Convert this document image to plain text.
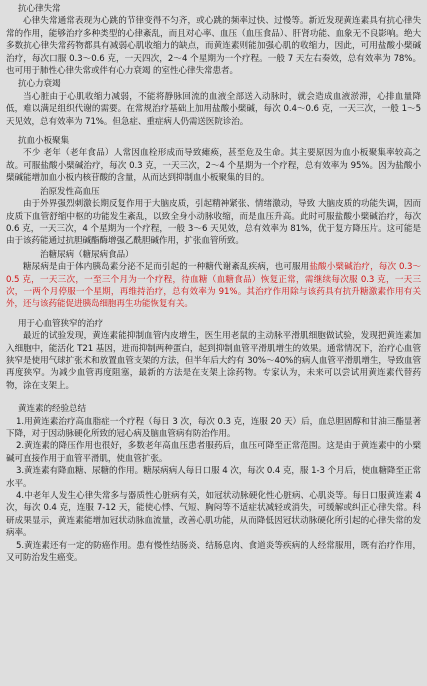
抗心律失常

心律失常通常表现为心跳的节律变得不匀齐，或心跳的频率过快、过慢等。新近发现黄连素具有抗心律失常的作用，能够治疗多种类型的心律紊乱，而且对心率、血压（血压食品）、肝肾功能、血象无不良影响。绝大多数抗心律失常药物都具有减弱心肌收缩力的缺点，而黄连素则能加强心肌的收缩力，因此，可用盐酸小檗碱治疗，每次口服 0.3～0.6 克，一天四次，2～4 个星期为一个疗程。一般 7 天左右奏效，总有效率为 78%。也可用于肺性心律失常或伴有心力衰竭 的室性心律失常患者。

抗心力衰竭

当心脏由于心肌收缩力减弱，不能将静脉回流的血液全部送入动脉时，就会造成血液淤滞，心排血量降低，难以满足组织代谢的需要。在常规治疗基础上加用盐酸小檗碱，每次 0.4～0.6 克，一天三次，一般 1～5 天见效，总有效率为 71%。但急症、重症病人仍需送医院诊治。

抗血小板聚集

不少 老年（老年食品）人常因血栓形成而导致瘫痪，甚至危及生命。其主要原因为血小板聚集率较高之故。可服盐酸小檗碱治疗，每次 0.3 克，一天三次，2～4 个星期为一个疗程，总有效率为 95%。因为盐酸小檗碱能增加血小板内核苷酸的含量，从而达到抑制血小板聚集的目的。

治原发性高血压

由于外界强烈刺激长期反复作用于大脑皮质，引起精神紧张、情绪激动，导致 大脑皮质的功能失调，因而皮质下血管舒缩中枢的功能发生紊乱，以致全身小动脉收缩，而是血压升高。此时可服盐酸小檗碱治疗，每次 0.6 克，一天三次，4 个星期为一个疗程，一般 3～6 天见效，总有效率为 81%，优于复方降压片。这可能是由于该药能通过抗胆碱酯酶增强乙酰胆碱作用，扩张血管所致。

治糖尿病（糖尿病食品）

糖尿病是由于体内胰岛素分泌不足而引起的一种糖代谢紊乱疾病，也可服用盐酸小檗碱治疗，每次 0.3～0.5 克，一天三次，一至三个月为一个疗程，待血糖（血糖食品）恢复正常，需继续每次服 0.3 克，一天三次，一两个月停服一个星期，再维持治疗，总有效率为 91%。其治疗作用除与该药具有抗升糖激素作用有关外，还与该药能促进胰岛细胞再生功能恢复有关。

用于心血管狭窄的治疗

最近的试验发现，黄连素能抑制血管内皮增生，医生用老鼠的主动脉平滑肌细胞做试验，发现把黄连素加入细胞中，能活化 T21 基因，进而抑制两种蛋白，起到抑制血管平滑肌增生的效果。通常情况下，治疗心血管狭窄是使用气球扩张术和放置血管支架的方法，但半年后大约有 30%～40%的病人血管平滑肌增生，导致血管再度狭窄。为减少血管再度阻塞，最新的方法是在支架上涂药物。专家认为，未来可以尝试用黄连素代替药物，涂在支架上。

黄连素的经验总结

1.用黄连素治疗高血脂症一个疗程（每日 3 次，每次 0.3 克，连服 20 天）后，血总胆固醇和甘油三酯显著下降，对于因动脉硬化所致的冠心病及脑血管病有防治作用。

2.黄连素的降压作用也很好，多数老年高血压患者服药后，血压可降至正常范围。这是由于黄连素中的小檗碱可直接作用于血管平滑肌，使血管扩张。

3.黄连素有降血糖、尿糖的作用。糖尿病病人每日口服 4 次，每次 0.4 克，服 1-3 个月后，使血糖降至正常水平。

4.中老年人发生心律失常多与器质性心脏病有关，如冠状动脉硬化性心脏病、心肌炎等。每日口服黄连素 4 次，每次 0.4 克，连服 7-12 天，能使心悸、气短、胸闷等不适症状减轻或消失，可缓解或纠正心律失常。科研成果显示，黄连素能增加冠状动脉血流量，改善心肌功能，从而降低因冠状动脉硬化所引起的心律失常的发病率。

5.黄连素还有一定的防癌作用。患有慢性结肠炎、结肠息肉、食道炎等疾病的人经常服用，既有治疗作用，又可防治发生癌变。
